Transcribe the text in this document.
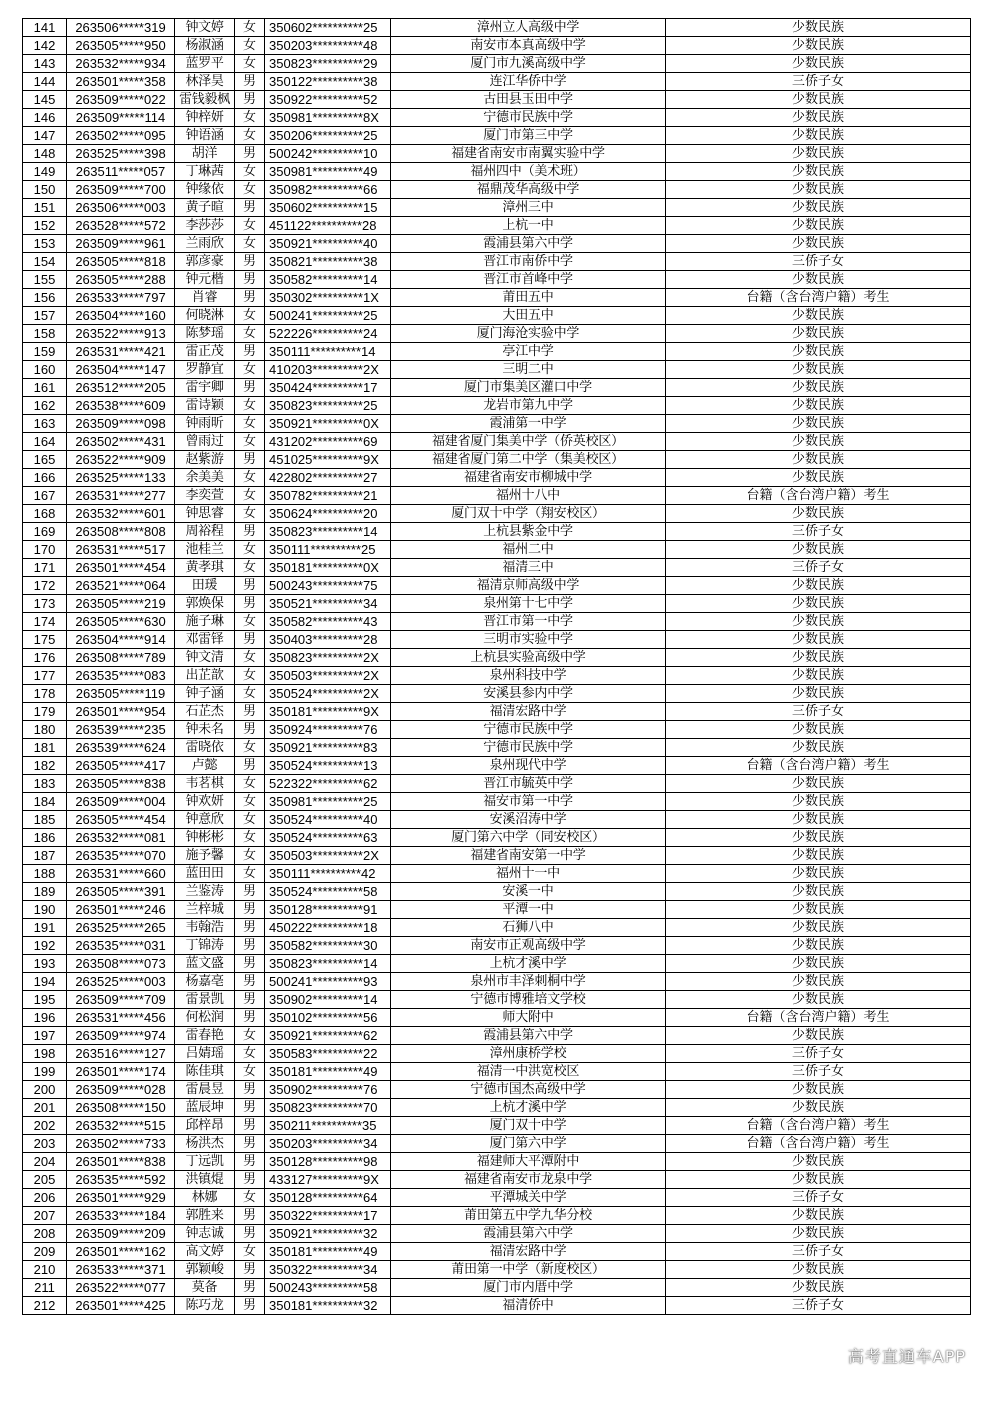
141	263506*****319	钟文婷	女	350602**********25	漳州立人高级中学	少数民族
142	263505*****950	杨淑涵	女	350203**********48	南安市本真高级中学	少数民族
143	263532*****934	蓝罗平	女	350823**********29	厦门市九溪高级中学	少数民族
144	263501*****358	林泽昊	男	350122**********38	连江华侨中学	三侨子女
145	263509*****022	雷钱毅枫	男	350922**********52	古田县玉田中学	少数民族
146	263509*****114	钟梓妍	女	350981**********8X	宁德市民族中学	少数民族
147	263502*****095	钟语涵	女	350206**********25	厦门市第三中学	少数民族
148	263525*****398	胡洋	男	500242**********10	福建省南安市南翼实验中学	少数民族
149	263511*****057	丁琳茜	女	350981**********49	福州四中（美术班）	少数民族
150	263509*****700	钟缘依	女	350982**********66	福鼎茂华高级中学	少数民族
151	263506*****003	黄子暄	男	350602**********15	漳州三中	少数民族
152	263528*****572	李莎莎	女	451122**********28	上杭一中	少数民族
153	263509*****961	兰雨欣	女	350921**********40	霞浦县第六中学	少数民族
154	263505*****818	郭彦豪	男	350821**********38	晋江市南侨中学	三侨子女
155	263505*****288	钟元楷	男	350582**********14	晋江市首峰中学	少数民族
156	263533*****797	肖睿	男	350302**********1X	莆田五中	台籍（含台湾户籍）考生
157	263504*****160	何晓淋	女	500241**********25	大田五中	少数民族
158	263522*****913	陈梦瑶	女	522226**********24	厦门海沧实验中学	少数民族
159	263531*****421	雷正茂	男	350111**********14	亭江中学	少数民族
160	263504*****147	罗静宜	女	410203**********2X	三明二中	少数民族
161	263512*****205	雷宇卿	男	350424**********17	厦门市集美区灌口中学	少数民族
162	263538*****609	雷诗颖	女	350823**********25	龙岩市第九中学	少数民族
163	263509*****098	钟雨昕	女	350921**********0X	霞浦第一中学	少数民族
164	263502*****431	曾雨过	女	431202**********69	福建省厦门集美中学（侨英校区）	少数民族
165	263522*****909	赵紫游	男	451025**********9X	福建省厦门第二中学（集美校区）	少数民族
166	263525*****133	余美美	女	422802**********27	福建省南安市柳城中学	少数民族
167	263531*****277	李奕萱	女	350782**********21	福州十八中	台籍（含台湾户籍）考生
168	263532*****601	钟思睿	女	350624**********20	厦门双十中学（翔安校区）	少数民族
169	263508*****808	周裕程	男	350823**********14	上杭县紫金中学	三侨子女
170	263531*****517	池桂兰	女	350111**********25	福州二中	少数民族
171	263501*****454	黄孝琪	女	350181**********0X	福清三中	三侨子女
172	263521*****064	田瑗	男	500243**********75	福清京师高级中学	少数民族
173	263505*****219	郭焕保	男	350521**********34	泉州第十七中学	少数民族
174	263505*****630	施子琳	女	350582**********43	晋江市第一中学	少数民族
175	263504*****914	邓雷铎	男	350403**********28	三明市实验中学	少数民族
176	263508*****789	钟文清	女	350823**********2X	上杭县实验高级中学	少数民族
177	263535*****083	出芷歆	女	350503**********2X	泉州科技中学	少数民族
178	263505*****119	钟子涵	女	350524**********2X	安溪县参内中学	少数民族
179	263501*****954	石芷杰	男	350181**********9X	福清宏路中学	三侨子女
180	263539*****235	钟未名	男	350924**********76	宁德市民族中学	少数民族
181	263539*****624	雷晓依	女	350921**********83	宁德市民族中学	少数民族
182	263505*****417	卢懿	男	350524**********13	泉州现代中学	台籍（含台湾户籍）考生
183	263505*****838	韦茗棋	女	522322**********62	晋江市毓英中学	少数民族
184	263509*****004	钟欢妍	女	350981**********25	福安市第一中学	少数民族
185	263505*****454	钟意欣	女	350524**********40	安溪沼涛中学	少数民族
186	263532*****081	钟彬彬	女	350524**********63	厦门第六中学（同安校区）	少数民族
187	263535*****070	施予馨	女	350503**********2X	福建省南安第一中学	少数民族
188	263531*****660	蓝田田	女	350111**********42	福州十一中	少数民族
189	263505*****391	兰鉴涛	男	350524**********58	安溪一中	少数民族
190	263501*****246	兰梓城	男	350128**********91	平潭一中	少数民族
191	263525*****265	韦翰浩	男	450222**********18	石狮八中	少数民族
192	263535*****031	丁锦涛	男	350582**********30	南安市正观高级中学	少数民族
193	263508*****073	蓝文盛	男	350823**********14	上杭才溪中学	少数民族
194	263525*****003	杨嘉亳	男	500241**********93	泉州市丰泽刺桐中学	少数民族
195	263509*****709	雷景凯	男	350902**********14	宁德市博雅培文学校	少数民族
196	263531*****456	何松润	男	350102**********56	师大附中	台籍（含台湾户籍）考生
197	263509*****974	雷春艳	女	350921**********62	霞浦县第六中学	少数民族
198	263516*****127	吕婧瑶	女	350583**********22	漳州康桥学校	三侨子女
199	263501*****174	陈佳琪	女	350181**********49	福清一中洪宽校区	三侨子女
200	263509*****028	雷晨昱	男	350902**********76	宁德市国杰高级中学	少数民族
201	263508*****150	蓝辰坤	男	350823**********70	上杭才溪中学	少数民族
202	263532*****515	邱梓昂	男	350211**********35	厦门双十中学	台籍（含台湾户籍）考生
203	263502*****733	杨洪杰	男	350203**********34	厦门第六中学	台籍（含台湾户籍）考生
204	263501*****838	丁远凯	男	350128**********98	福建师大平潭附中	少数民族
205	263535*****592	洪镇焜	男	433127**********9X	福建省南安市龙泉中学	少数民族
206	263501*****929	林娜	女	350128**********64	平潭城关中学	三侨子女
207	263533*****184	郭胜来	男	350322**********17	莆田第五中学九华分校	少数民族
208	263509*****209	钟志诚	男	350921**********32	霞浦县第六中学	少数民族
209	263501*****162	高文婷	女	350181**********49	福清宏路中学	三侨子女
210	263533*****371	郭颖峻	男	350322**********34	莆田第一中学（新度校区）	少数民族
211	263522*****077	莫备	男	500243**********58	厦门市内厝中学	少数民族
212	263501*****425	陈巧龙	男	350181**********32	福清侨中	三侨子女
高考直通车APP
